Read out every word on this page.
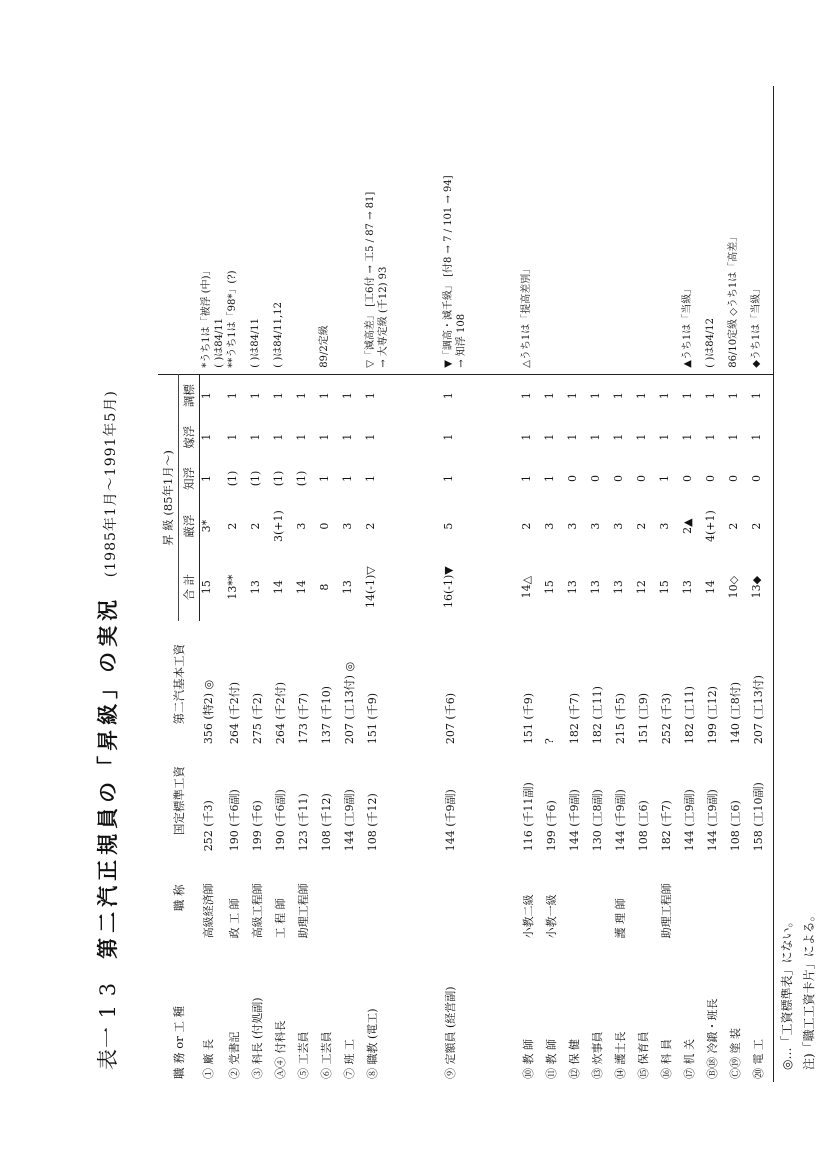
表一 1 3   第二汽正規員の「昇級」の実況 (1985年1月〜1991年5月)
職 務 or 工 種	職 称	国定標準工資	第二汽基本工資	昇 級 (85年1月〜)					
				合 計	厳浮	知浮	嫁浮	調標	
① 廠 長	高級経済師	252 (千3)	356 (特2) ◎	15	3*	1	1	1	*うち1は「被浮 (中)」 ( )は84/11

② 党書記	政 工 師	190 (千6副)	264 (千2付)	13**	2	(1)	1	1	**うち1は「98*」(?)

③ 科長 (付処副)	高級工程師	199 (千6)	275 (千2)	13	2	(1)	1	1	( )は84/11

Ⓐ④ 付科長	工 程 師	190 (千6副)	264 (千2付)	14	3(+1)	(1)	1	1	( )は84/11,12

⑤ 工芸員	助理工程師	123 (千11)	173 (千7)	14	3	(1)	1	1	

⑥ 工芸員		108 (千12)	137 (千10)	8	0	1	1	1	89/2定級

⑦ 班 工		144 (工9副)	207 (工13付) ◎	13	3	1	1	1	

⑧ 職教 (電工)		108 (千12)	151 (千9)	14(-1)▽	2	1	1	1	▽「減高差」 [工6付 → 工5 / 87 → 81] → 大専定級 (千12) 93

⑨ 定額員 (経営副)		144 (千9副)	207 (千6)	16(-1)▼	5	1	1	1	▼「調高・減千級」 [付8 → 7 / 101 → 94] → 知浮 108

⑩ 教 師	小教二級	116 (千11副)	151 (千9)	14△	2	1	1	1	△うち1は「提高差別」

⑪ 教 師	小教一級	199 (千6)	?	15	3	1	1	1	

⑫ 保 健		144 (千9副)	182 (千7)	13	3	0	1	1	

⑬ 炊事員		130 (工8副)	182 (工11)	13	3	0	1	1	

⑭ 護士長	護 理 師	144 (千9副)	215 (千5)	13	3	0	1	1	

⑮ 保育員		108 (工6)	151 (工9)	12	2	0	1	1	

⑯ 科 員	助理工程師	182 (千7)	252 (千3)	15	3	1	1	1	

⑰ 机 关		144 (工9副)	182 (工11)	13	2▲	0	1	1	▲うち1は「当級」

Ⓑ⑱ 冷鍛・班長		144 (工9副)	199 (工12)	14	4(+1)	0	1	1	( )は84/12

Ⓒ⑲ 塗 装		108 (工6)	140 (工8付)	10◇	2	0	1	1	86/10定級 ◇うち1は「高差」

⑳ 電 工		158 (工10副)	207 (工13付)	13◆	2	0	1	1	◆うち1は「当級」
◎…「工資標準表」にない。 注)「職工工資卡片」による。
